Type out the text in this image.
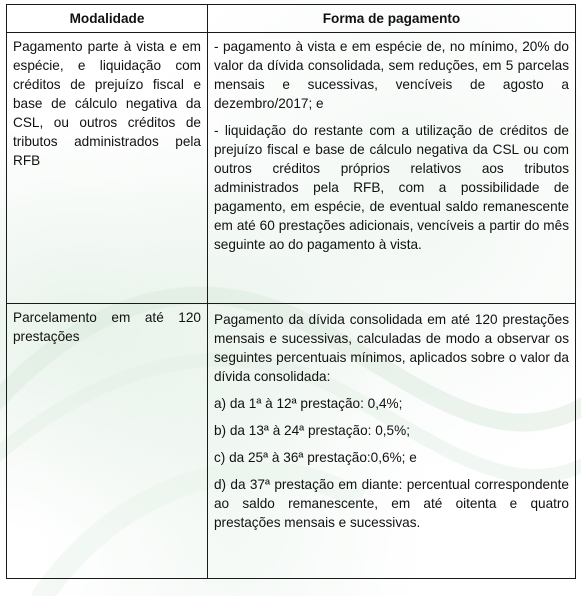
Modalidade	Forma de pagamento

Pagamento parte à vista e em espécie, e liquidação com créditos de prejuízo fiscal e base de cálculo negativa da CSL, ou outros créditos de tributos administrados pela RFB	- pagamento à vista e em espécie de, no mínimo, 20% do valor da dívida consolidada, sem reduções, em 5 parcelas mensais e sucessivas, vencíveis de agosto a dezembro/2017; e
- liquidação do restante com a utilização de créditos de prejuízo fiscal e base de cálculo negativa da CSL ou com outros créditos próprios relativos aos tributos administrados pela RFB, com a possibilidade de pagamento, em espécie, de eventual saldo remanescente em até 60 prestações adicionais, vencíveis a partir do mês seguinte ao do pagamento à vista.

Parcelamento em até 120 prestações	Pagamento da dívida consolidada em até 120 prestações mensais e sucessivas, calculadas de modo a observar os seguintes percentuais mínimos, aplicados sobre o valor da dívida consolidada:
a) da 1ª à 12ª prestação: 0,4%;
b) da 13ª à 24ª prestação: 0,5%;
c) da 25ª à 36ª prestação:0,6%; e
d) da 37ª prestação em diante: percentual correspondente ao saldo remanescente, em até oitenta e quatro prestações mensais e sucessivas.
